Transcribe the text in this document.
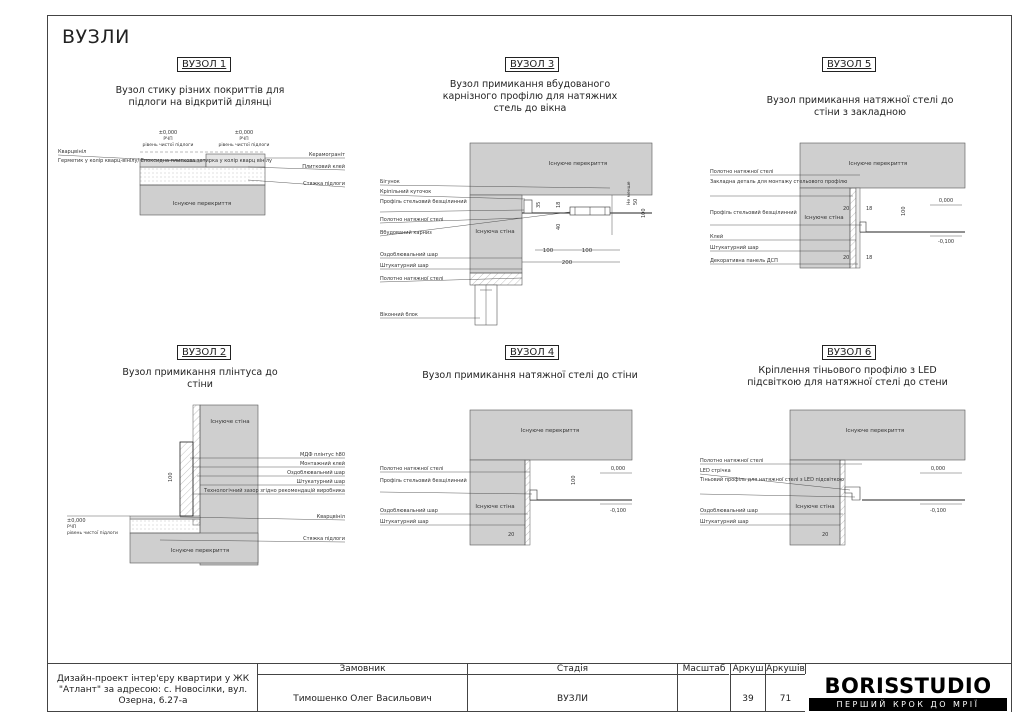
ВУЗЛИ
ВУЗОЛ 1
Вузол стику різних покриттів для підлоги на відкритій ділянці
ВУЗОЛ 3
Вузол примикання вбудованого карнізного профілю для натяжних стель до вікна
ВУЗОЛ 5
Вузол примикання натяжної стелі до стіни з закладною
ВУЗОЛ 2
Вузол примикання плінтуса до стіни
ВУЗОЛ 4
Вузол примикання натяжної стелі до стіни
ВУЗОЛ 6
Кріплення тіньового профілю з LED підсвіткою для натяжної стелі до стени
Існуюче перекриття
±0,000
РЧП
рівень чистої підлоги
±0,000
РЧП
рівень чистої підлоги
Кварцвініл
Герметик у колір кварц-вінілу/ Епоксидна плиткова затирка у колір кварц вінілу
Керамограніт
Плитковий клей
Стяжка підлоги
Існуюче перекриття
Існуюча стіна
Бігунок
Кріпільний куточок
Профіль стельовий безщілинний
Полотно натяжної стелі
Вбудований карниз
Оздоблювальний шар
Штукатурний шар
Полотно натяжної стелі
Віконний блок
35	18
40
Не менше 50
100
100	100
200
Існуюче перекриття
Існуюче стіна
0,000
-0,100
Полотно натяжної стелі
Закладна деталь для монтажу стельового профілю
Профіль стельовий безщілинний
Клей
Штукатурний шар
Декоративна панель ДСП
20
20
18
18
100
Існуюче стіна
Існуюче перекриття
100
±0,000
РЧП
рівень чистої підлоги
МДФ плінтус h80
Монтажний клей
Оздоблювальний шар
Штукатурний шар
Технологічний зазор згідно рекомендацій виробника
Кварцвініл
Стяжка підлоги
Існуюче перекриття
Існуюче стіна
0,000
-0,100
100
20
Полотно натяжної стелі
Профіль стельовий безщілинний
Оздоблювальний шар
Штукатурний шар
Існуюче перекриття
Існуюче стіна
0,000
-0,100
20
Полотно натяжної стелі
LED стрічка
Тіньовий профіль для натяжної стелі з LED підсвіткою
Оздоблювальний шар
Штукатурний шар
Дизайн-проект інтер'єру квартири у ЖК "Атлант" за адресою: с. Новосілки, вул. Озерна, 6.27-а
Замовник
Тимошенко Олег Васильович
Стадія
ВУЗЛИ
Масштаб Аркуш
39
Аркушів
71
BORISSTUDIO
ПЕРШИЙ КРОК ДО МРІЇ
